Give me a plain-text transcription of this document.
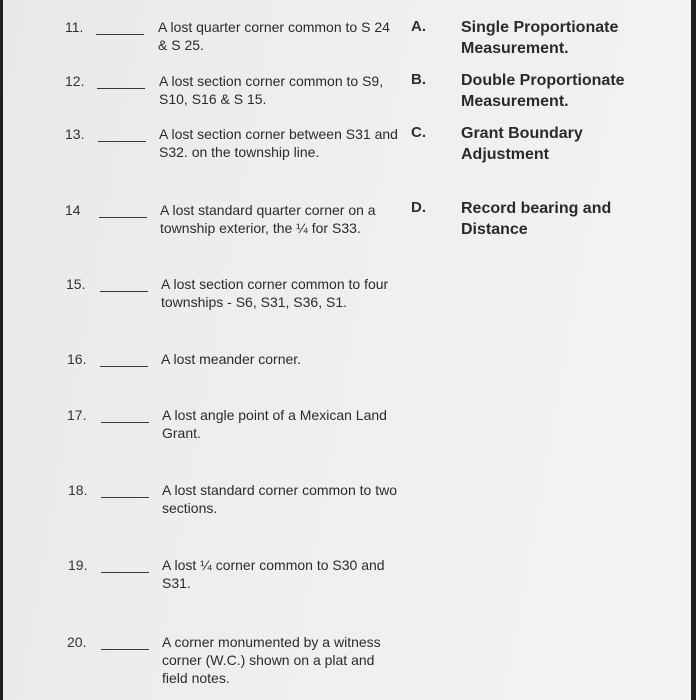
11.	A lost quarter corner common to S 24 & S 25.
12.	A lost section corner common to S9, S10, S16 & S 15.
13.	A lost section corner between S31 and S32. on the township line.
14	A lost standard quarter corner on a township exterior, the ¼ for S33.
15.	A lost section corner common to four townships - S6, S31, S36, S1.
16.	A lost meander corner.
17.	A lost angle point of a Mexican Land Grant.
18.	A lost standard corner common to two sections.
19.	A lost ¼ corner common to S30 and S31.
20.	A corner monumented by a witness corner (W.C.) shown on a plat and field notes.
A. Single Proportionate Measurement.
B. Double Proportionate Measurement.
C. Grant Boundary Adjustment
D. Record bearing and Distance
